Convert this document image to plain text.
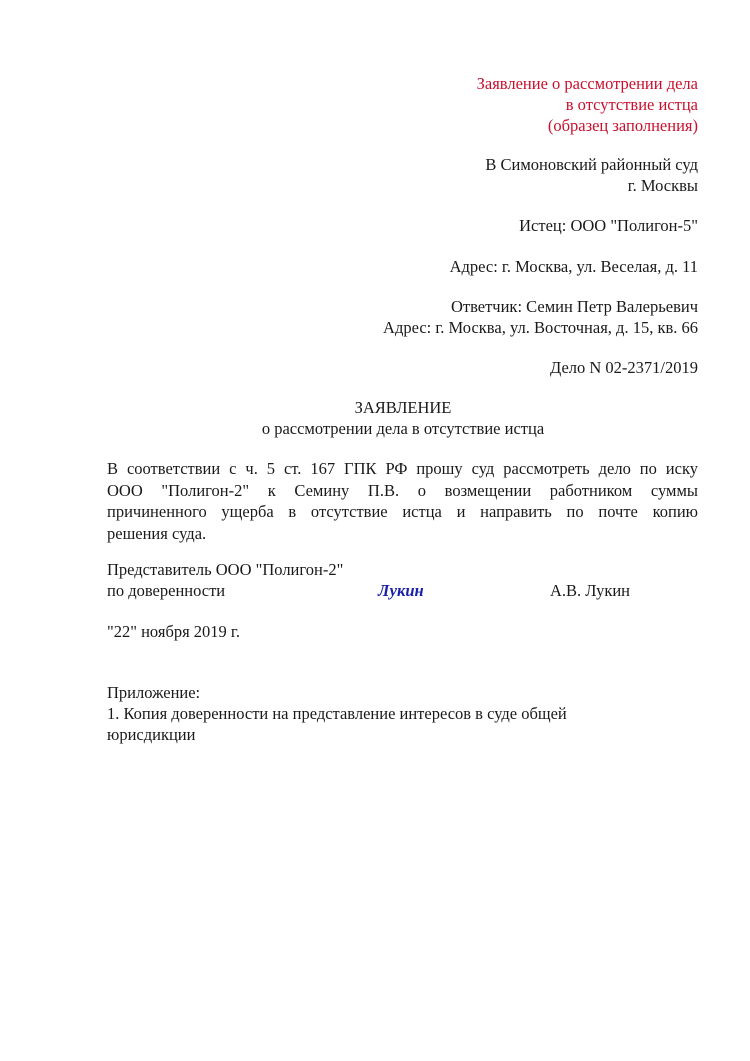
Заявление о рассмотрении дела
в отсутствие истца
(образец заполнения)
В Симоновский районный суд
г. Москвы
Истец: ООО "Полигон-5"
Адрес: г. Москва, ул. Веселая, д. 11
Ответчик: Семин Петр Валерьевич
Адрес: г. Москва, ул. Восточная, д. 15, кв. 66
Дело N 02-2371/2019
ЗАЯВЛЕНИЕ
о рассмотрении дела в отсутствие истца
В соответствии с ч. 5 ст. 167 ГПК РФ прошу суд рассмотреть дело по иску
ООО "Полигон-2" к Семину П.В. о возмещении работником суммы
причиненного ущерба в отсутствие истца и направить по почте копию
решения суда.
Представитель ООО "Полигон-2"
по доверенности	Лукин	А.В. Лукин
"22" ноября 2019 г.
Приложение:
1. Копия доверенности на представление интересов в суде общей
юрисдикции
